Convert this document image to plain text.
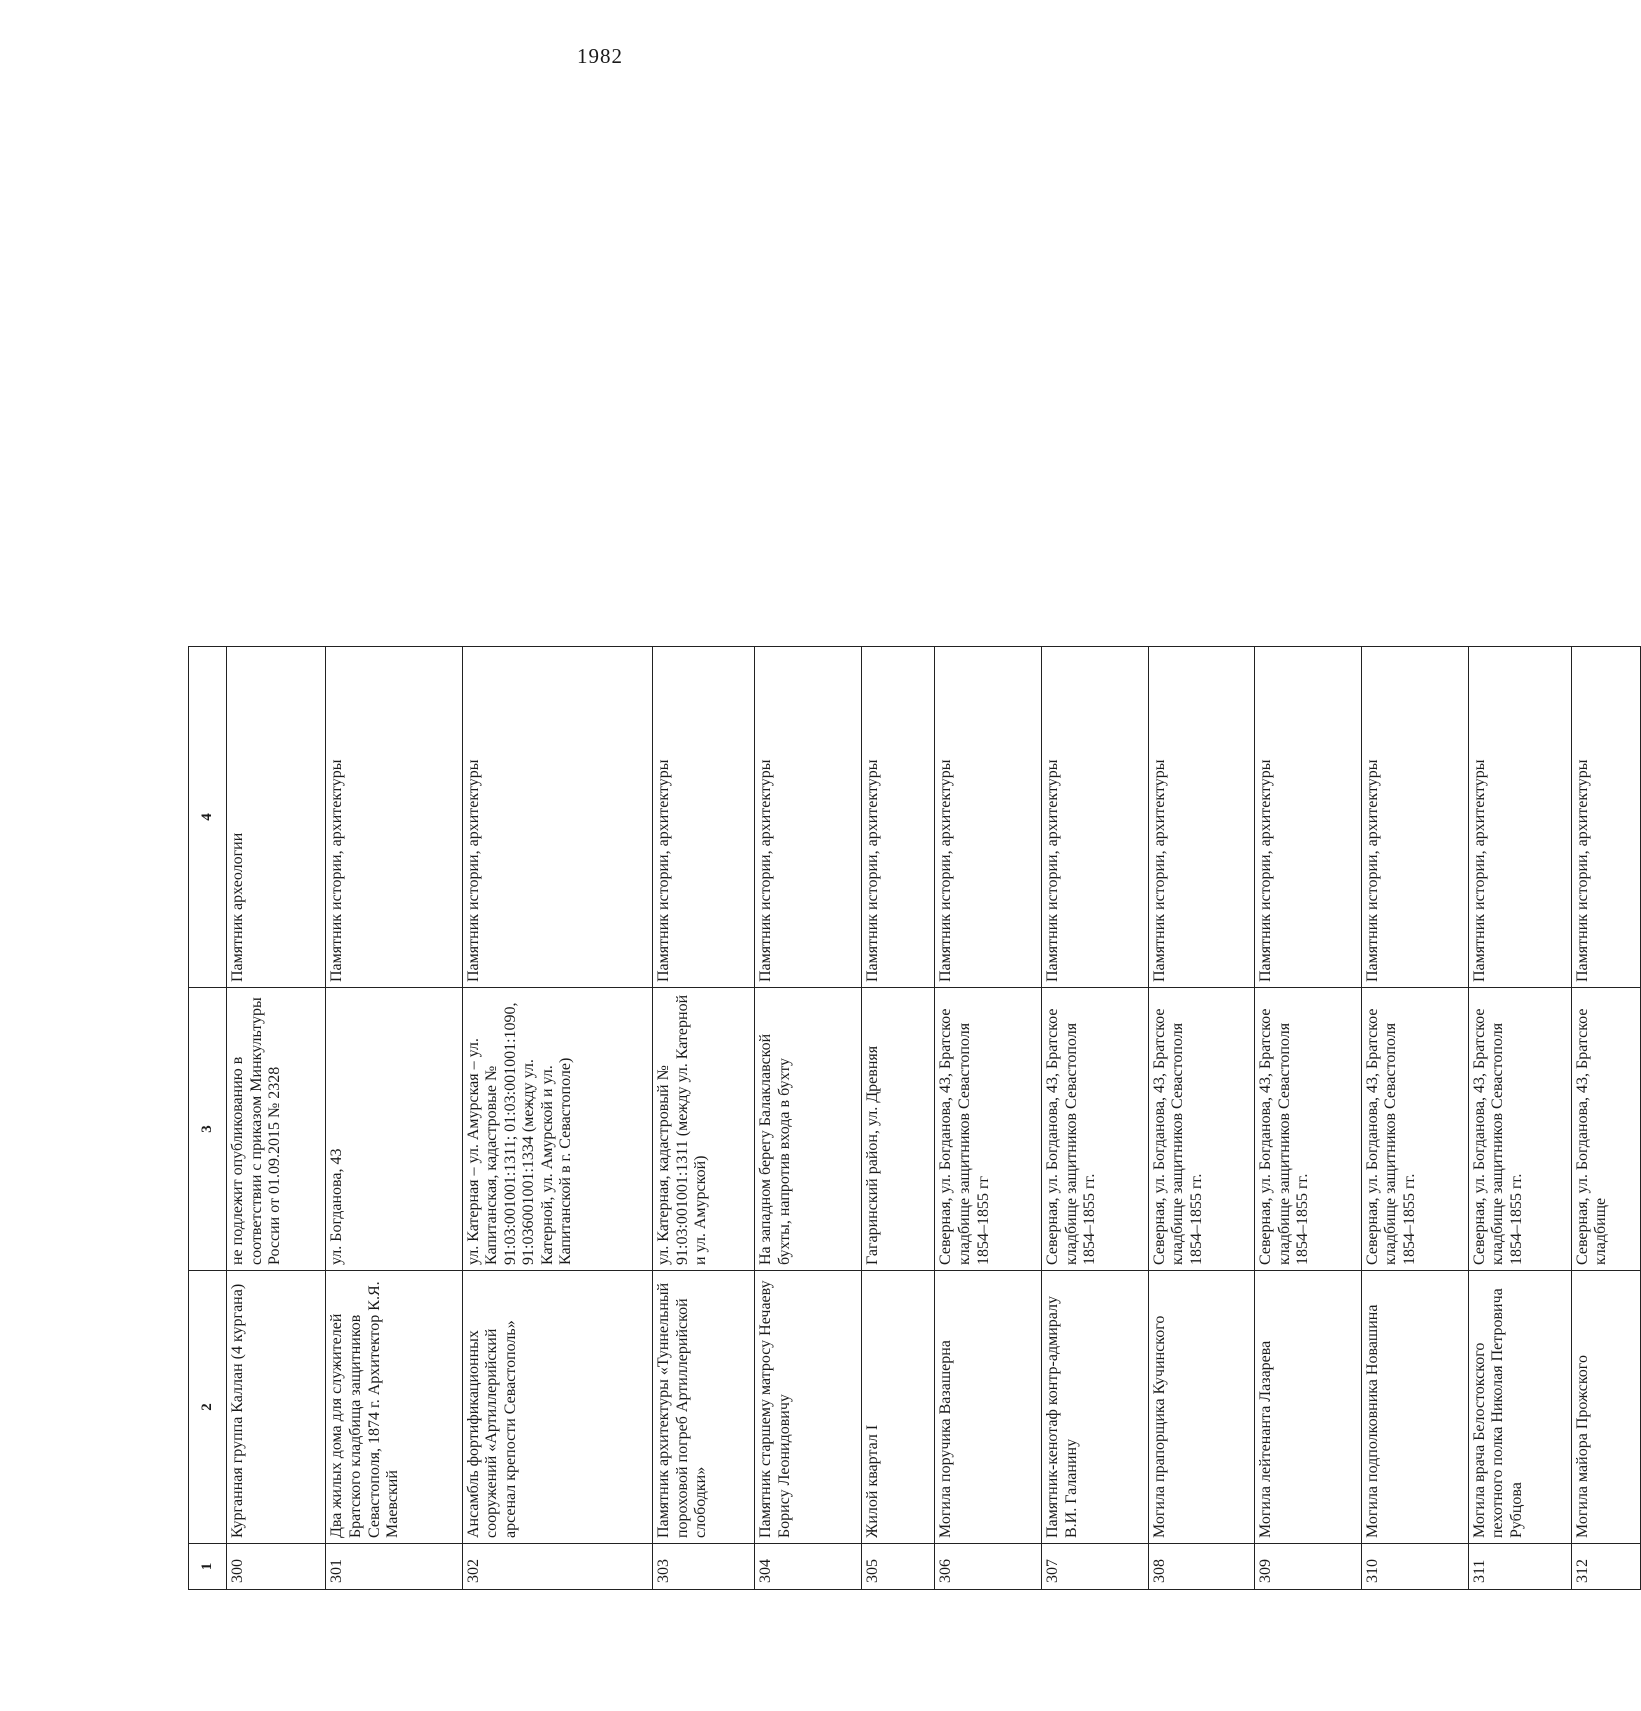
1982
1	2	3	4
300	Курганная группа Каллан (4 кургана)	не подлежит опубликованию в соответствии с приказом Минкультуры России от 01.09.2015 № 2328	Памятник археологии
301	Два жилых дома для служителей Братского кладбища защитников Севастополя, 1874 г. Архитектор К.Я. Маевский	ул. Богданова, 43	Памятник истории, архитектуры
302	Ансамбль фортификационных сооружений «Артиллерийский арсенал крепости Севастополь»	ул. Катерная – ул. Амурская – ул. Капитанская, кадастровые № 91:03:001001:1311; 01:03:001001:1090, 91:036001001:1334 (между ул. Катерной, ул. Амурской и ул. Капитанской в г. Севастополе)	Памятник истории, архитектуры
303	Памятник архитектуры «Туннельный пороховой погреб Артиллерийской слободки»	ул. Катерная, кадастровый № 91:03:001001:1311 (между ул. Катерной и ул. Амурской)	Памятник истории, архитектуры
304	Памятник старшему матросу Нечаеву Борису Леонидовичу	На западном берегу Балаклавской бухты, напротив входа в бухту	Памятник истории, архитектуры
305	Жилой квартал I	Гагаринский район, ул. Древняя	Памятник истории, архитектуры
306	Могила поручика Вазашерна	Северная, ул. Богданова, 43, Братское кладбище защитников Севастополя 1854–1855 гг	Памятник истории, архитектуры
307	Памятник-кенотаф контр-адмиралу В.И. Галанину	Северная, ул. Богданова, 43, Братское кладбище защитников Севастополя 1854–1855 гг.	Памятник истории, архитектуры
308	Могила прапорщика Кучинского	Северная, ул. Богданова, 43, Братское кладбище защитников Севастополя 1854–1855 гг.	Памятник истории, архитектуры
309	Могила лейтенанта Лазарева	Северная, ул. Богданова, 43, Братское кладбище защитников Севастополя 1854–1855 гг.	Памятник истории, архитектуры
310	Могила подполковника Новашина	Северная, ул. Богданова, 43, Братское кладбище защитников Севастополя 1854–1855 гг.	Памятник истории, архитектуры
311	Могила врача Белостокского пехотного полка Николая Петровича Рубцова	Северная, ул. Богданова, 43, Братское кладбище защитников Севастополя 1854–1855 гг.	Памятник истории, архитектуры
312	Могила майора Прожского	Северная, ул. Богданова, 43, Братское кладбище	Памятник истории, архитектуры
